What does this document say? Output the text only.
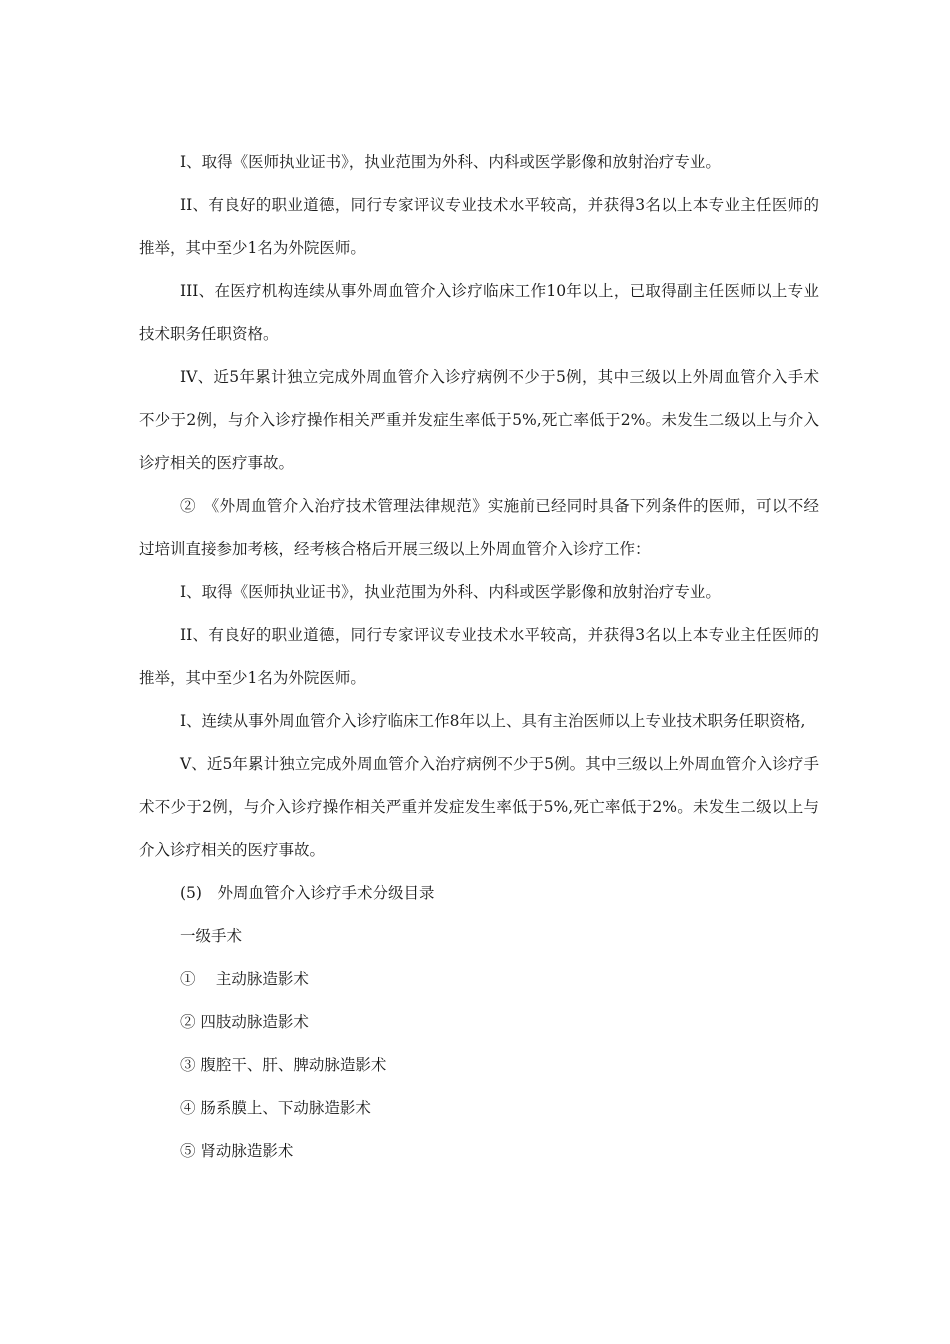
I、取得《医师执业证书》，执业范围为外科、内科或医学影像和放射治疗专业。

II、有良好的职业道德，同行专家评议专业技术水平较高，并获得3名以上本专业主任医师的推举，其中至少1名为外院医师。

III、在医疗机构连续从事外周血管介入诊疗临床工作10年以上，已取得副主任医师以上专业技术职务任职资格。

IV、近5年累计独立完成外周血管介入诊疗病例不少于5例，其中三级以上外周血管介入手术不少于2例，与介入诊疗操作相关严重并发症生率低于5%,死亡率低于2%。未发生二级以上与介入诊疗相关的医疗事故。

②　《外周血管介入治疗技术管理法律规范》实施前已经同时具备下列条件的医师，可以不经过培训直接参加考核，经考核合格后开展三级以上外周血管介入诊疗工作：

I、取得《医师执业证书》，执业范围为外科、内科或医学影像和放射治疗专业。

II、有良好的职业道德，同行专家评议专业技术水平较高，并获得3名以上本专业主任医师的推举，其中至少1名为外院医师。

I、连续从事外周血管介入诊疗临床工作8年以上、具有主治医师以上专业技术职务任职资格,

V、近5年累计独立完成外周血管介入治疗病例不少于5例。其中三级以上外周血管介入诊疗手术不少于2例，与介入诊疗操作相关严重并发症发生率低于5%,死亡率低于2%。未发生二级以上与介入诊疗相关的医疗事故。

(5)　外周血管介入诊疗手术分级目录

一级手术

①　 主动脉造影术

② 四肢动脉造影术

③ 腹腔干、肝、脾动脉造影术

④ 肠系膜上、下动脉造影术

⑤ 肾动脉造影术
